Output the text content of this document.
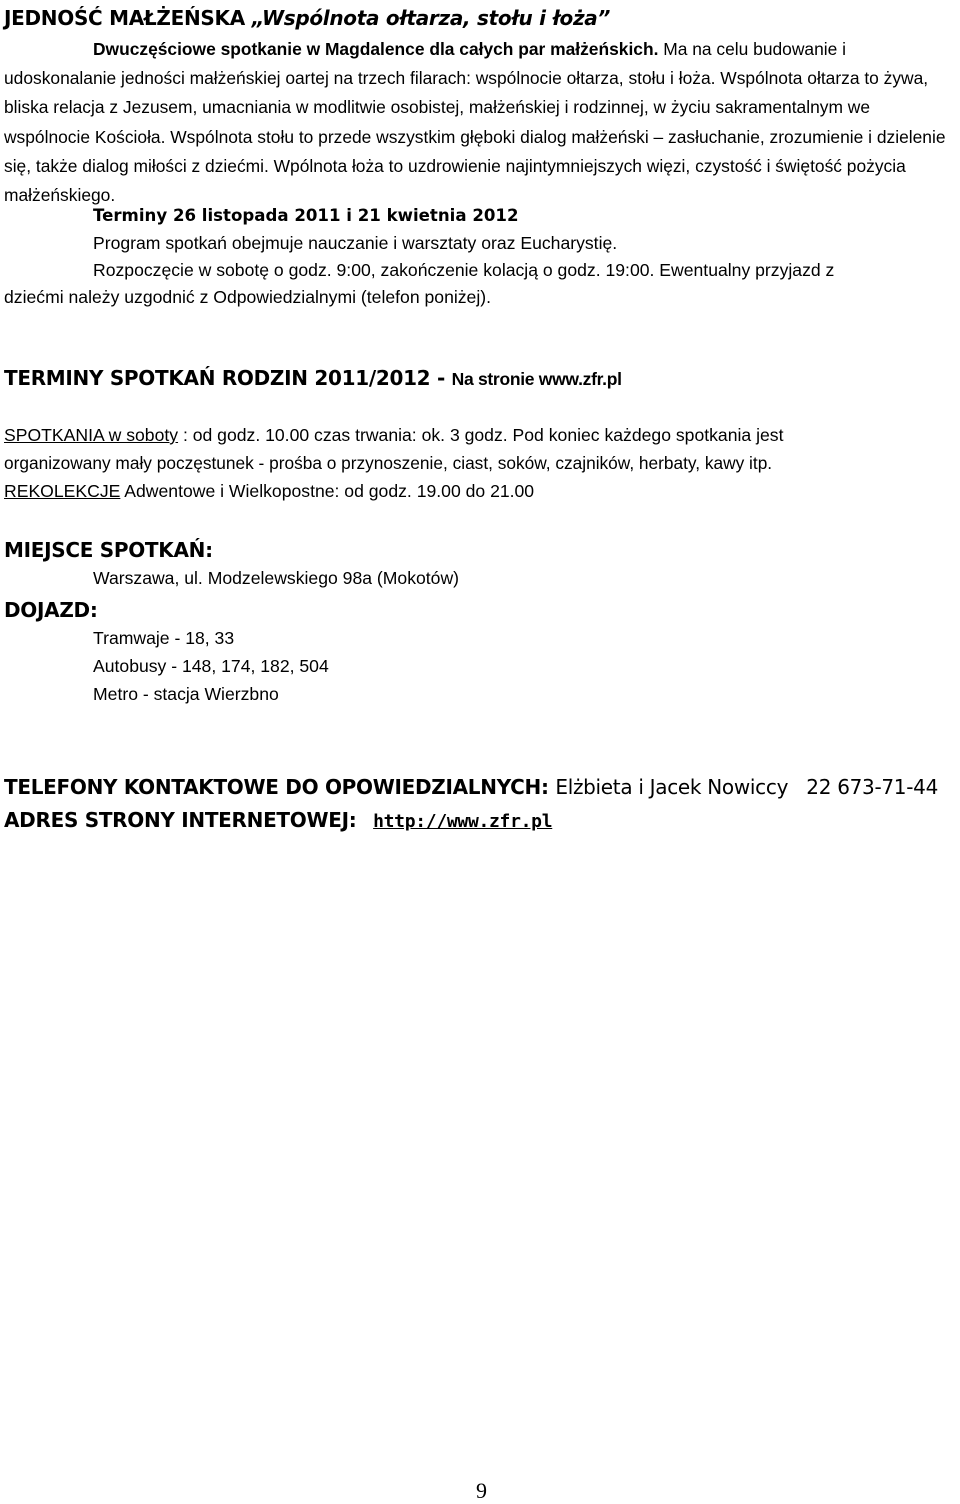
JEDNOŚĆ MAŁŻEŃSKA „Wspólnota ołtarza, stołu i łoża”
Dwuczęściowe spotkanie w Magdalence dla całych par małżeńskich. Ma na celu budowanie i udoskonalanie jedności małżeńskiej oartej na trzech filarach: wspólnocie ołtarza, stołu i łoża. Wspólnota ołtarza to żywa, bliska relacja z Jezusem, umacniania w modlitwie osobistej, małżeńskiej i rodzinnej, w życiu sakramentalnym we wspólnocie Kościoła. Wspólnota stołu to przede wszystkim głęboki dialog małżeński – zasłuchanie, zrozumienie i dzielenie się, także dialog miłości z dziećmi. Wpólnota łoża to uzdrowienie najintymniejszych więzi, czystość i świętość pożycia małżeńskiego.
Terminy 26 listopada 2011 i 21 kwietnia 2012
Program spotkań obejmuje nauczanie i warsztaty oraz Eucharystię.
Rozpoczęcie w sobotę o godz. 9:00, zakończenie kolacją o godz. 19:00. Ewentualny przyjazd z
dziećmi należy uzgodnić z Odpowiedzialnymi (telefon poniżej).
TERMINY SPOTKAŃ RODZIN 2011/2012 - Na stronie www.zfr.pl
SPOTKANIA w soboty : od godz. 10.00 czas trwania: ok. 3 godz. Pod koniec każdego spotkania jest
organizowany mały poczęstunek - prośba o przynoszenie, ciast, soków, czajników, herbaty, kawy itp.
REKOLEKCJE Adwentowe i Wielkopostne: od godz. 19.00 do 21.00
MIEJSCE SPOTKAŃ:
Warszawa, ul. Modzelewskiego 98a (Mokotów)
DOJAZD:
Tramwaje - 18, 33
Autobusy - 148, 174, 182, 504
Metro - stacja Wierzbno
TELEFONY KONTAKTOWE DO OPOWIEDZIALNYCH: Elżbieta i Jacek Nowiccy   22 673-71-44
ADRES STRONY INTERNETOWEJ: http://www.zfr.pl
9
